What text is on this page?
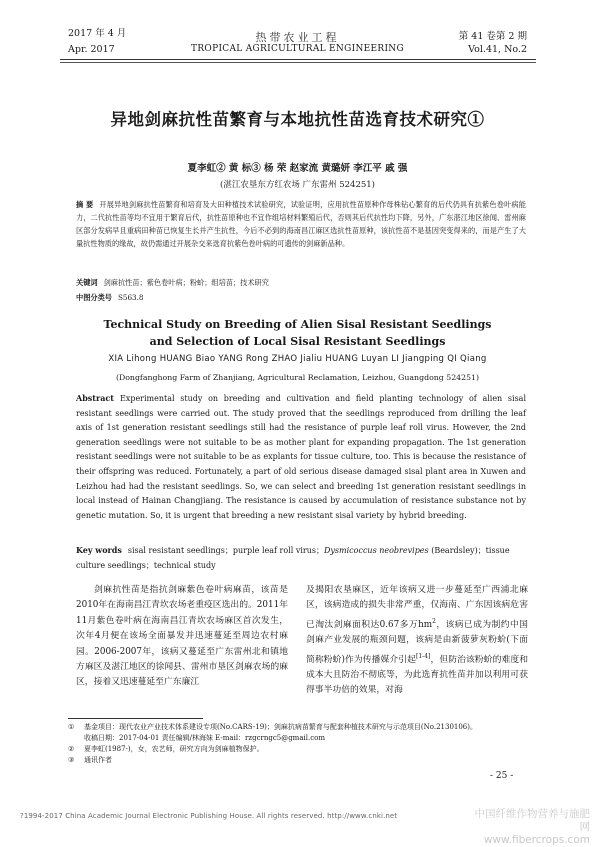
2017 年 4 月
Apr. 2017
热带农业工程
TROPICAL AGRICULTURAL ENGINEERING
第 41 卷第 2 期
Vol.41, No.2
异地剑麻抗性苗繁育与本地抗性苗选育技术研究①
夏李虹② 黄 标③ 杨 荣 赵家流 黄璐妍 李江平 戚 强
(湛江农垦东方红农场 广东雷州 524251)
摘 要 开展异地剑麻抗性苗繁育和培育及大田种植技术试验研究，试验证明，应用抗性苗原种作母株钻心繁育的后代仍具有抗紫色卷叶病能力，二代抗性苗等均不宜用于繁育后代，抗性苗原种也不宜作组培材料繁殖后代，否则其后代抗性均下降，另外，广东湛江地区徐闻、雷州麻区部分发病早且重病田种苗已恢复生长并产生抗性，今后不必到的海南昌江麻区选抗性苗原种，该抗性苗不是基因突变得来的，而是产生了大量抗性物质的缘故，故仍需通过开展杂交来选育抗紫色卷叶病的可遗传的剑麻新品种。
关键词 剑麻抗性苗；紫色卷叶病；粉蚧；组培苗；技术研究
中图分类号 S563.8
Technical Study on Breeding of Alien Sisal Resistant Seedlings
and Selection of Local Sisal Resistant Seedlings
XIA Lihong HUANG Biao YANG Rong ZHAO Jialiu HUANG Luyan LI Jiangping QI Qiang
(Dongfanghong Farm of Zhanjiang, Agricultural Reclamation, Leizhou, Guangdong 524251)
Abstract Experimental study on breeding and cultivation and field planting technology of alien sisal resistant seedlings were carried out. The study proved that the seedlings reproduced from drilling the leaf axis of 1st generation resistant seedlings still had the resistance of purple leaf roll virus. However, the 2nd generation seedlings were not suitable to be as mother plant for expanding propagation. The 1st generation resistant seedlings were not suitable to be as explants for tissue culture, too. This is because the resistance of their offspring was reduced. Fortunately, a part of old serious disease damaged sisal plant area in Xuwen and Leizhou had had the resistant seedlings. So, we can select and breeding 1st generation resistant seedlings in local instead of Hainan Changjiang. The resistance is caused by accumulation of resistance substance not by genetic mutation. So, it is urgent that breeding a new resistant sisal variety by hybrid breeding.
Key words sisal resistant seedlings；purple leaf roll virus；Dysmicoccus neobrevipes (Beardsley)；tissue culture seedlings；technical study
剑麻抗性苗是指抗剑麻紫色卷叶病麻苗，该苗是2010年在海南昌江青坎农场老重疫区选出的。2011年11月紫色卷叶病在海南昌江青坎农场麻区首次发生，次年4月便在该场全面暴发并迅速蔓延至周边农村麻园。2006-2007年，该病又蔓延至广东雷州北和镇地方麻区及湛江地区的徐闻县、雷州市垦区剑麻农场的麻区，接着又迅速蔓延至广东廉江
及揭阳农垦麻区，近年该病又进一步蔓延至广西浦北麻区，该病造成的损失非常严重，仅海南、广东因该病危害已淘汰剑麻面积达0.67多万$hm^2$，该病已成为制约中国剑麻产业发展的瓶颈问题，该病是由新菠萝灰粉蚧(下面简称粉蚧)作为传播媒介引起[1-4]，但防治该粉蚧的难度和成本大且防治不彻底等，为此选育抗性苗并加以利用可获得事半功倍的效果，对海
① 基金项目：现代农业产业技术体系建设专项(No.CARS-19)；剑麻抗病苗繁育与配套种植技术研究与示范项目(No.2130106)。
收稿日期：2017-04-01 责任编辑/林海妹 E-mail：rzgcrngc5@gmail.com
② 夏李虹(1987-)，女，农艺师，研究方向为剑麻植物保护。
③ 通讯作者
- 25 -
?1994-2017 China Academic Journal Electronic Publishing House. All rights reserved. http://www.cnki.net	中国纤维作物营养与施肥网
www.fibercrops.com
